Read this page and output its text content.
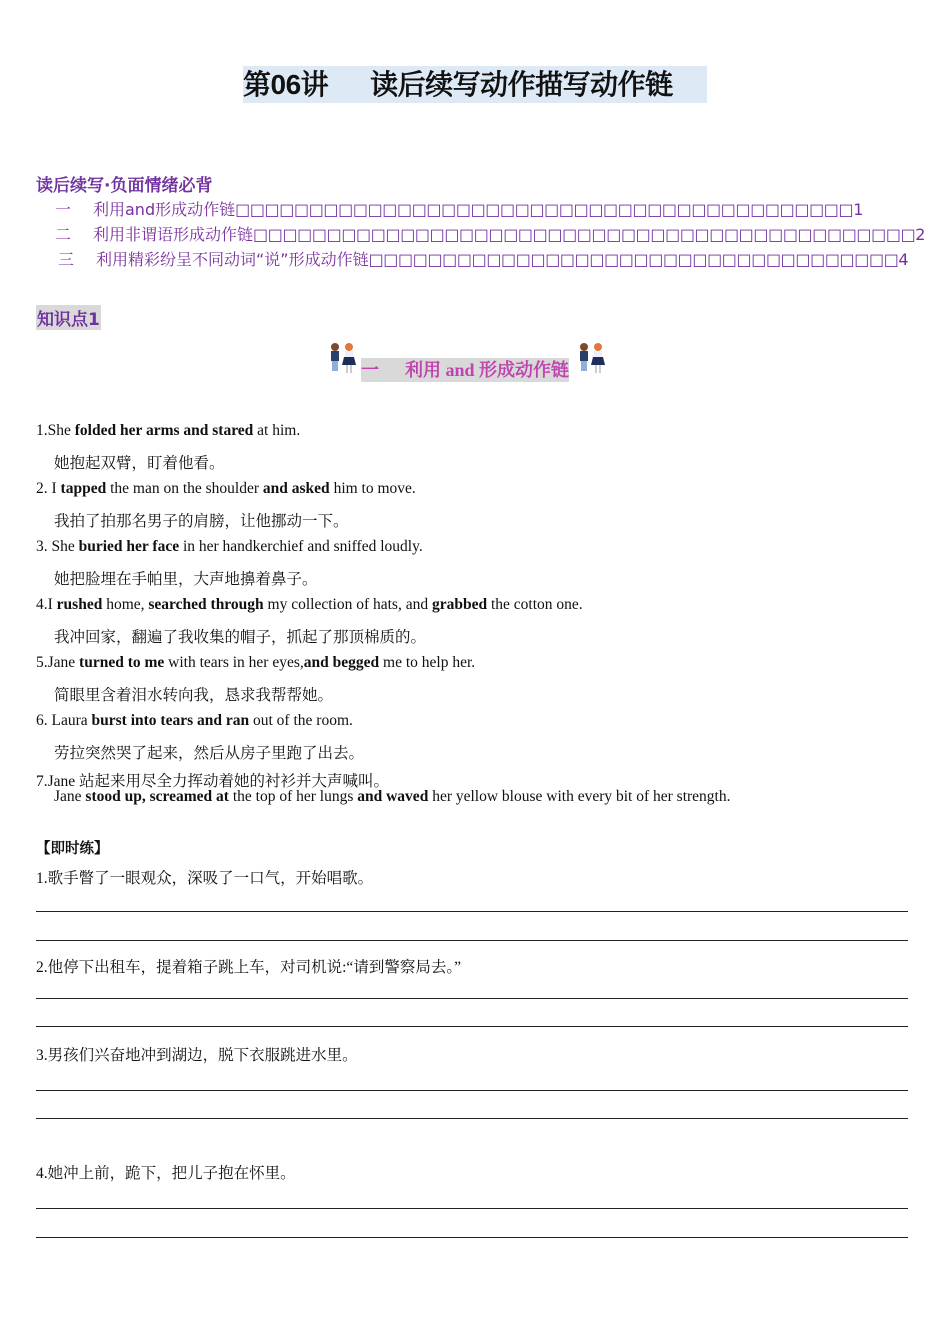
第06讲 读后续写动作描写动作链
读后续写·负面情绪必背
知识点1
一 利用 and 形成动作链
一 利用and形成动作链□□□□□□□□□□□□□□□□□□□□□□□□□□□□□□□□□□□□□□□□□□1
二 利用非谓语形成动作链□□□□□□□□□□□□□□□□□□□□□□□□□□□□□□□□□□□□□□□□□□□□□2
三 利用精彩纷呈不同动词“说”形成动作链□□□□□□□□□□□□□□□□□□□□□□□□□□□□□□□□□□□□4
1.She folded her arms and stared at him.
她抱起双臂，盯着他看。
2. I tapped the man on the shoulder and asked him to move.
我拍了拍那名男子的肩膀，让他挪动一下。
3. She buried her face in her handkerchief and sniffed loudly.
她把脸埋在手帕里，大声地擤着鼻子。
4.I rushed home, searched through my collection of hats, and grabbed the cotton one.
我冲回家，翻遍了我收集的帽子，抓起了那顶棉质的。
5.Jane turned to me with tears in her eyes,and begged me to help her.
简眼里含着泪水转向我，恳求我帮帮她。
6. Laura burst into tears and ran out of the room.
劳拉突然哭了起来，然后从房子里跑了出去。
7.Jane 站起来用尽全力挥动着她的衬衫并大声喊叫。
Jane stood up, screamed at the top of her lungs and waved her yellow blouse with every bit of her strength.
【即时练】
1.歌手瞥了一眼观众，深吸了一口气，开始唱歌。
2.他停下出租车，提着箱子跳上车，对司机说:“请到警察局去。”
3.男孩们兴奋地冲到湖边，脱下衣服跳进水里。
4.她冲上前，跪下，把儿子抱在怀里。
